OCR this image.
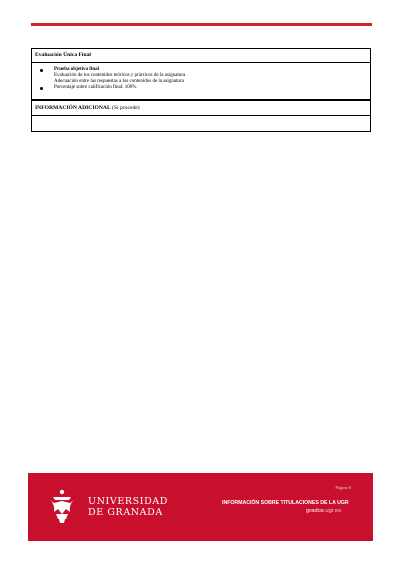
Evaluación Única Final
Prueba objetiva final
Evaluación de los contenidos teóricos y prácticos de la asignatura
Adecuación entre las respuestas a los contenidos de la asignatura
Porcentaje sobre calificación final: 100%
INFORMACIÓN ADICIONAL (Si procede)
UNIVERSIDAD
DE GRANADA
Página 6
INFORMACIÓN SOBRE TITULACIONES DE LA UGR
grados.ugr.es
